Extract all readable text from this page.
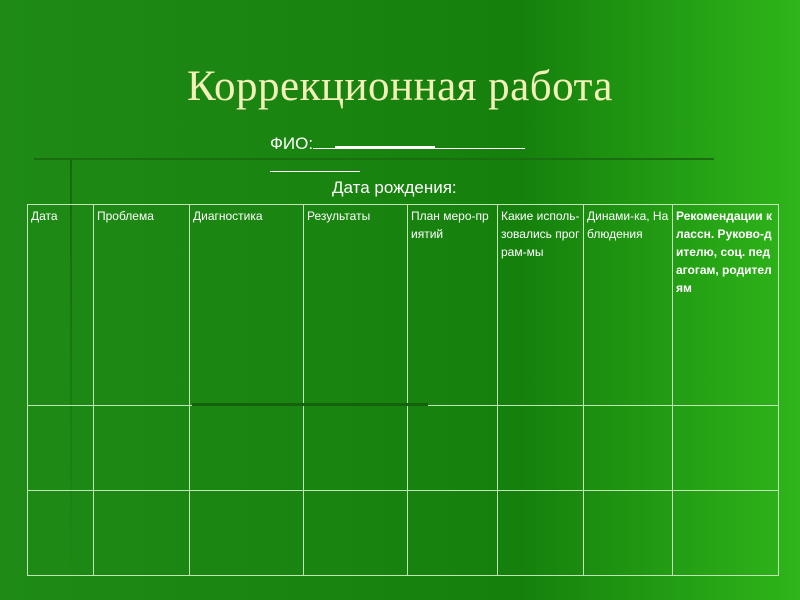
Коррекционная работа
ФИО:

Дата рождения:
Дата	Проблема	Диагностика	Результаты	План меро-приятий	Какие исполь-зовались програм-мы	Динами-ка, Наблюдения	Рекомендации классн. Руково-дителю, соц. педагогам, родителям
